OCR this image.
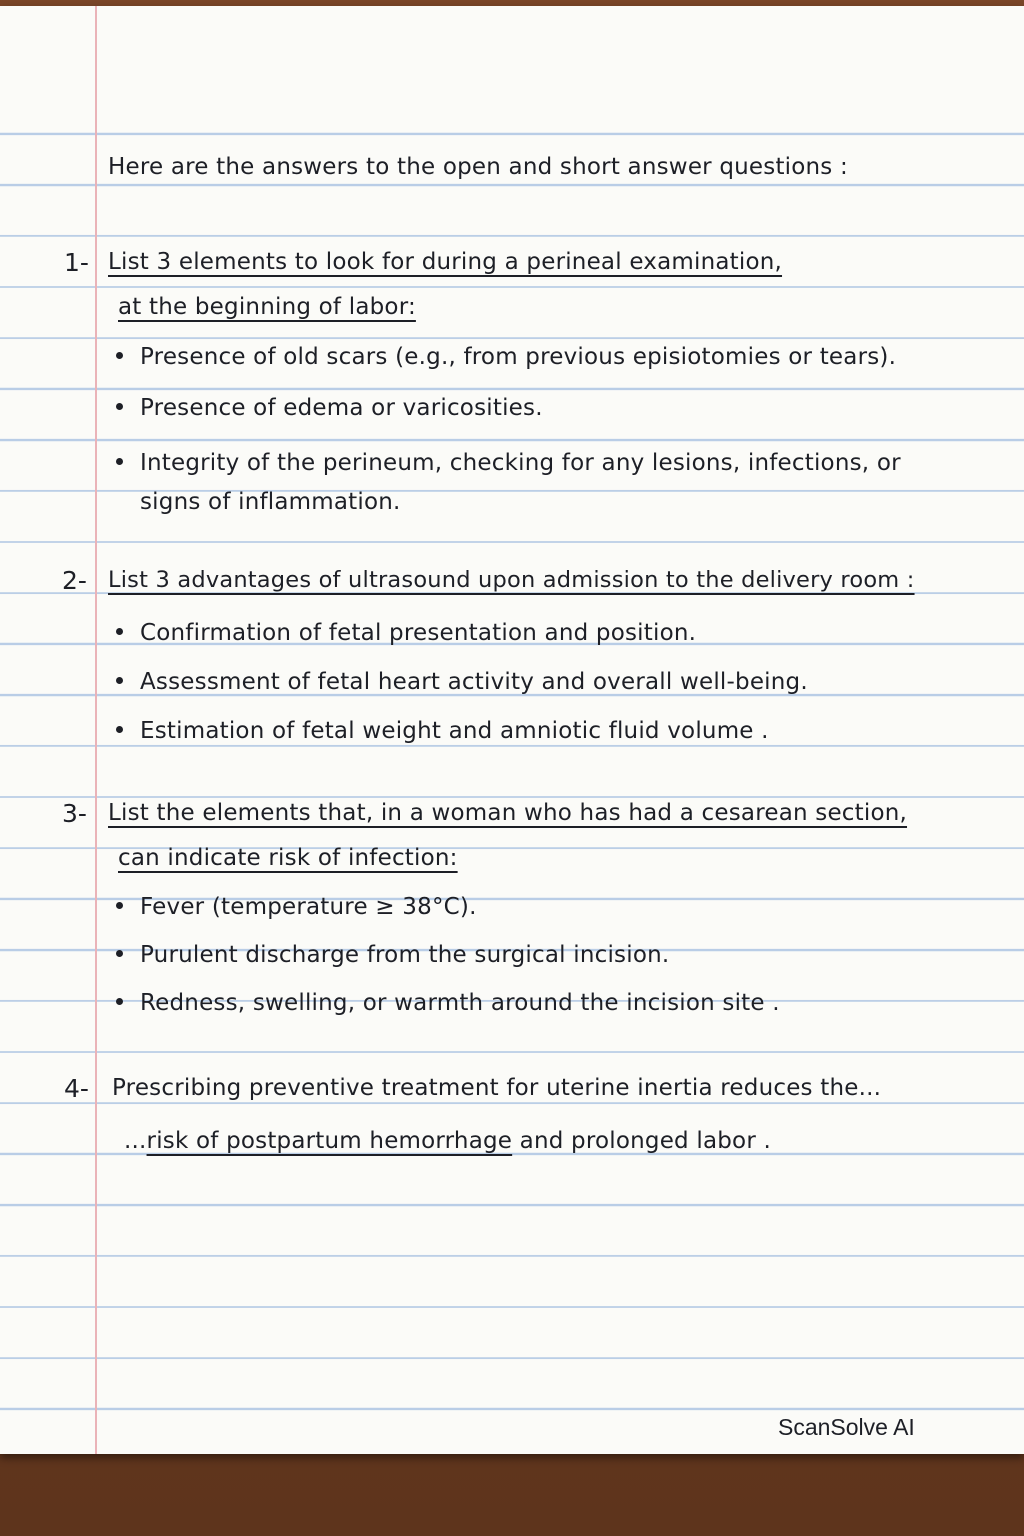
Here are the answers to the open and short answer questions :
1- List 3 elements to look for during a perineal examination,
at the beginning of labor:
Presence of old scars (e.g., from previous episiotomies or tears).
Presence of edema or varicosities.
Integrity of the perineum, checking for any lesions, infections, or
signs of inflammation.
2- List 3 advantages of ultrasound upon admission to the delivery room :
Confirmation of fetal presentation and position.
Assessment of fetal heart activity and overall well-being.
Estimation of fetal weight and amniotic fluid volume .
3- List the elements that, in a woman who has had a cesarean section,
can indicate risk of infection:
Fever (temperature ≥ 38°C).
Purulent discharge from the surgical incision.
Redness, swelling, or warmth around the incision site .
4- Prescribing preventive treatment for uterine inertia reduces the...
...risk of postpartum hemorrhage and prolonged labor .
ScanSolve AI
